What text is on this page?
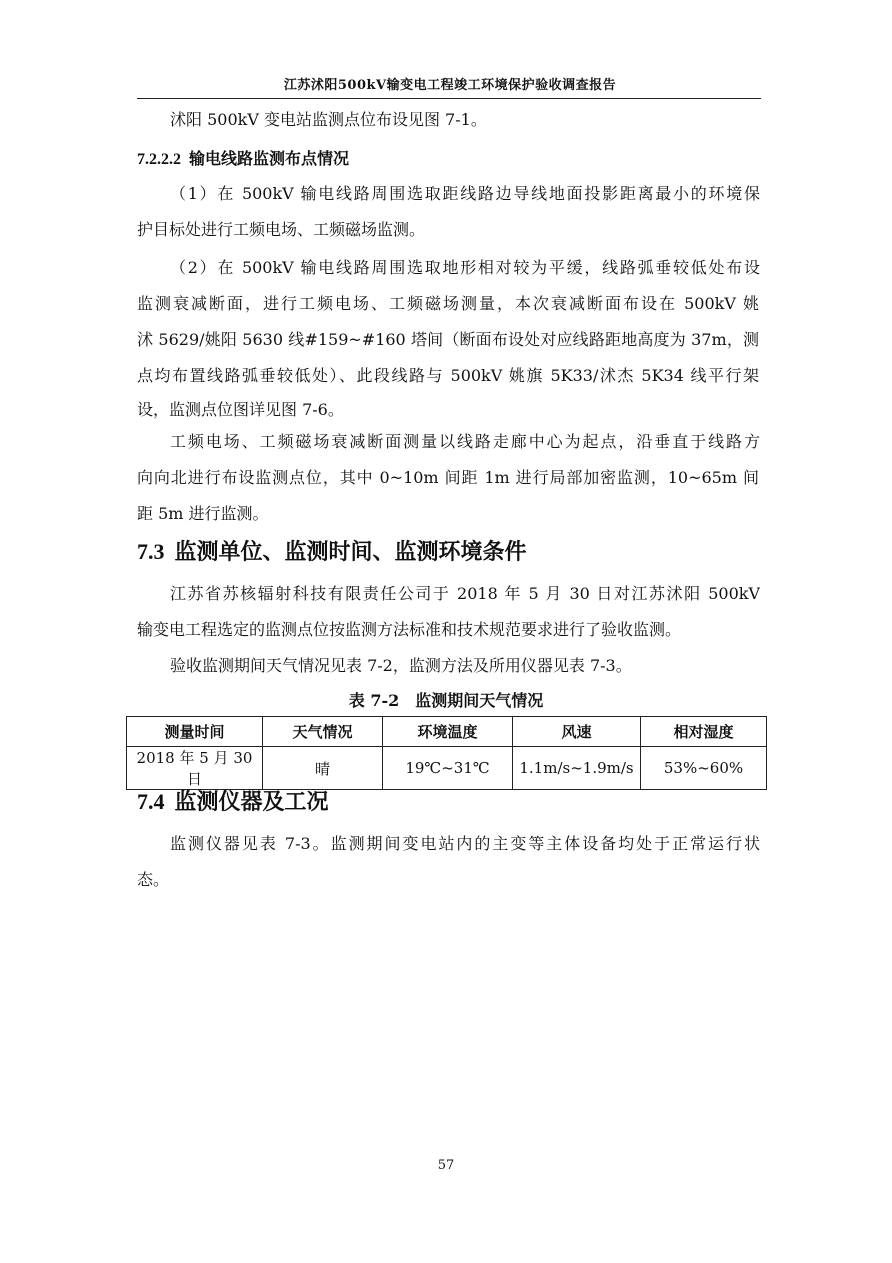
江苏沭阳500kV输变电工程竣工环境保护验收调查报告
沭阳 500kV 变电站监测点位布设见图 7-1。
7.2.2.2 输电线路监测布点情况
（1）在 500kV 输电线路周围选取距线路边导线地面投影距离最小的环境保
护目标处进行工频电场、工频磁场监测。
（2）在 500kV 输电线路周围选取地形相对较为平缓，线路弧垂较低处布设
监测衰减断面，进行工频电场、工频磁场测量，本次衰减断面布设在 500kV 姚
沭 5629/姚阳 5630 线#159~#160 塔间（断面布设处对应线路距地高度为 37m，测
点均布置线路弧垂较低处）、此段线路与 500kV 姚旗 5K33/沭杰 5K34 线平行架
设，监测点位图详见图 7-6。
工频电场、工频磁场衰减断面测量以线路走廊中心为起点，沿垂直于线路方
向向北进行布设监测点位，其中 0~10m 间距 1m 进行局部加密监测，10~65m 间
距 5m 进行监测。
7.3 监测单位、监测时间、监测环境条件
江苏省苏核辐射科技有限责任公司于 2018 年 5 月 30 日对江苏沭阳 500kV
输变电工程选定的监测点位按监测方法标准和技术规范要求进行了验收监测。
验收监测期间天气情况见表 7-2，监测方法及所用仪器见表 7-3。
表 7-2　监测期间天气情况
测量时间	天气情况	环境温度	风速	相对湿度
2018 年 5 月 30 日	晴	19℃~31℃	1.1m/s~1.9m/s	53%~60%
7.4 监测仪器及工况
监测仪器见表 7-3。监测期间变电站内的主变等主体设备均处于正常运行状
态。
57
